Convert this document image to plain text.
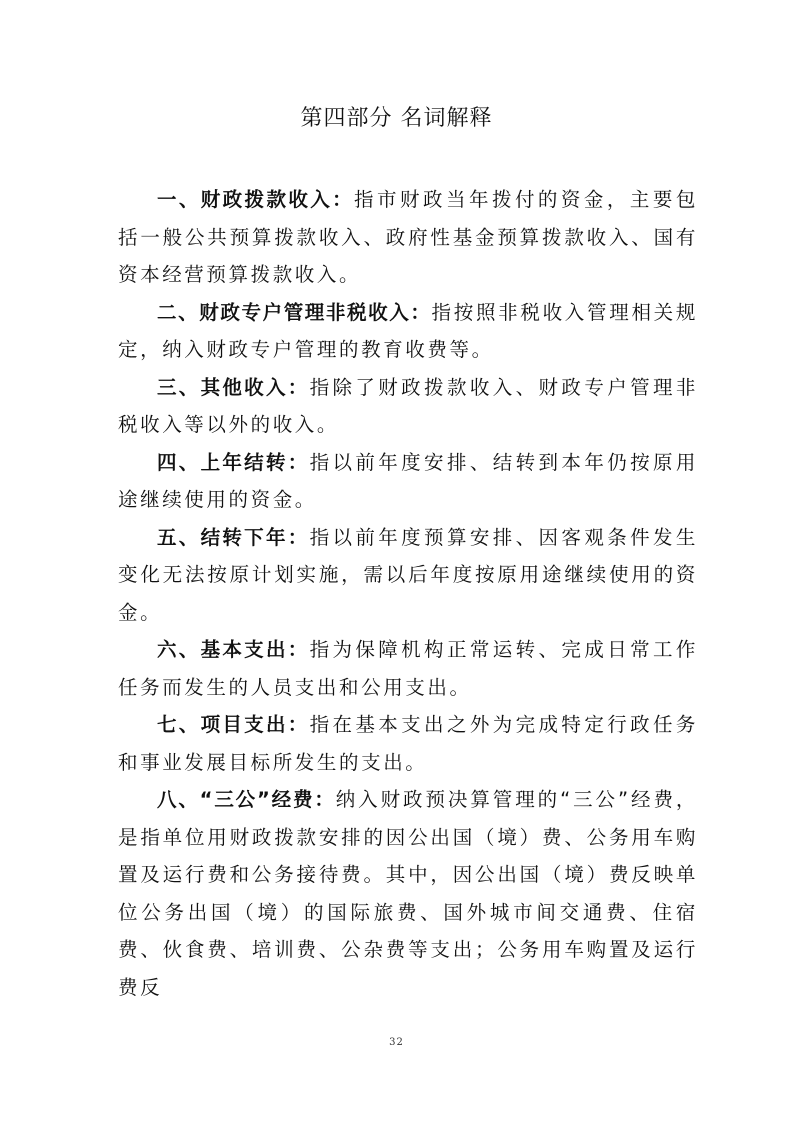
第四部分 名词解释

一、财政拨款收入：指市财政当年拨付的资金，主要包括一般公共预算拨款收入、政府性基金预算拨款收入、国有资本经营预算拨款收入。

二、财政专户管理非税收入：指按照非税收入管理相关规定，纳入财政专户管理的教育收费等。

三、其他收入：指除了财政拨款收入、财政专户管理非税收入等以外的收入。

四、上年结转：指以前年度安排、结转到本年仍按原用途继续使用的资金。

五、结转下年：指以前年度预算安排、因客观条件发生变化无法按原计划实施，需以后年度按原用途继续使用的资金。

六、基本支出：指为保障机构正常运转、完成日常工作任务而发生的人员支出和公用支出。

七、项目支出：指在基本支出之外为完成特定行政任务和事业发展目标所发生的支出。

八、“三公”经费：纳入财政预决算管理的“三公”经费，是指单位用财政拨款安排的因公出国（境）费、公务用车购置及运行费和公务接待费。其中，因公出国（境）费反映单位公务出国（境）的国际旅费、国外城市间交通费、住宿费、伙食费、培训费、公杂费等支出；公务用车购置及运行费反

32
